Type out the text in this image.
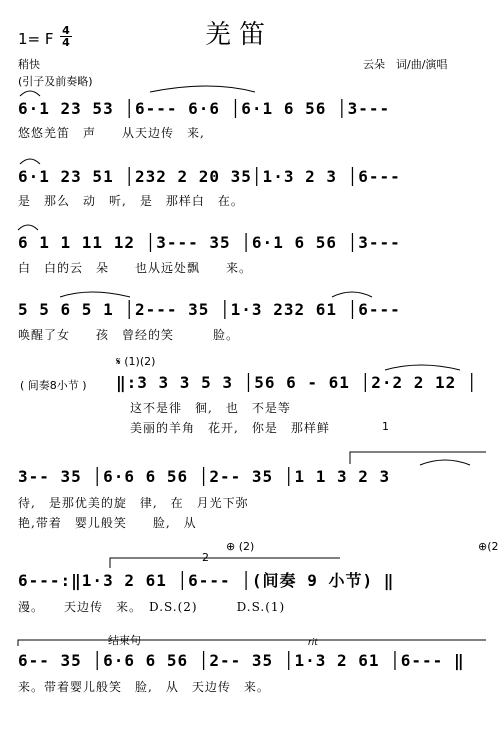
1= F 4
4	羌笛
稍快	云朵　词/曲/演唱
(引子及前奏略)
6·1 23 53 │6--- 6·6 │6·1 6 56 │3---
悠悠羌笛　声　　从天边传　来,
6·1 23 51 │232 2 20 35│1·3 2 3 │6---
是　那么　动　听,　是　那样白　在。
6 1 1 11 12 │3--- 35 │6·1 6 56 │3---
白　白的云　朵　　也从远处飘　　来。
5 5 6 5 1 │2--- 35 │1·3 232 61 │6---
唤醒了女　　孩　曾经的笑　　　脸。
𝄋 (1)(2)
( 间奏8小节 ) ‖:3 3 3 5 3 │56 6 - 61 │2·2 2 12 │
这不是徘　徊,　也　不是等
美丽的羊角　花开,　你是　那样鲜	1
3-- 35 │6·6 6 56 │2-- 35 │1 1 3 2 3
待,　是那优美的旋　律,　在　月光下弥
艳,带着　婴儿般笑　　脸,　从
2
⊕ (2)	⊕(2
6---:‖1·3 2 61 │6--- │(间奏 9 小节) ‖
漫。　　天边传　来。　D.S.(2)　　　D.S.(1)
结束句	rit
6-- 35 │6·6 6 56 │2-- 35 │1·3 2 61 │6--- ‖
来。带着婴儿般笑　脸,　从　天边传　来。
